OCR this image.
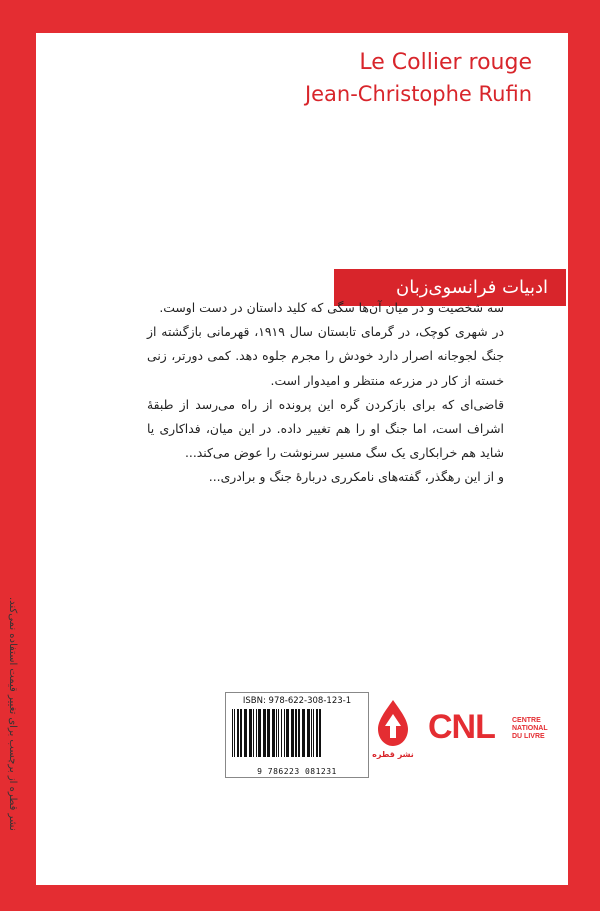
Le Collier rouge
Jean-Christophe Rufin
ادبیات فرانسوی‌زبان

سه شخصیت و در میان آن‌ها سگی که کلید داستان در دست اوست.

در شهری کوچک، در گرمای تابستان سال ۱۹۱۹، قهرمانی بازگشته از جنگ لجوجانه اصرار دارد خودش را مجرم جلوه دهد. کمی دورتر، زنی خسته از کار در مزرعه منتظر و امیدوار است.

قاضی‌ای که برای بازکردن گره این پرونده از راه می‌رسد از طبقهٔ اشراف است، اما جنگ او را هم تغییر داده. در این میان، فداکاری یا شاید هم خرابکاری یک سگ مسیر سرنوشت را عوض می‌کند...

و از این رهگذر، گفته‌های نامکرری دربارهٔ جنگ و برادری...

نشر قطره از برچسب برای تغییر قیمت استفاده نمی‌کند.	ISBN: 978-622-308-123-1
9 786223 081231
نشر قطره
CNL CENTRE
NATIONAL
DU LIVRE
